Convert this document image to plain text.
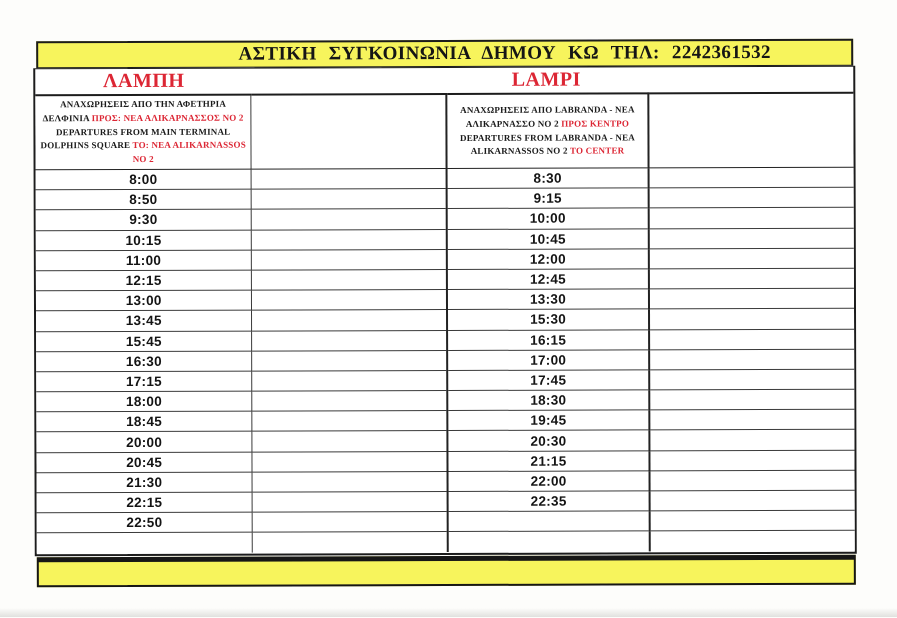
ΑΣΤΙΚΗ ΣΥΓΚΟΙΝΩΝΙΑ ΔΗΜΟΥ ΚΩ ΤΗΛ: 2242361532
ΛΑΜΠΗ	LAMPI
ΑΝΑΧΩΡΗΣΕΙΣ ΑΠΟ ΤΗΝ ΑΦΕΤΗΡΙΑ
ΔΕΛΦΙΝΙΑ ΠΡΟΣ: ΝΕΑ ΑΛΙΚΑΡΝΑΣΣΟΣ ΝΟ 2
DEPARTURES FROM MAIN TERMINAL
DOLPHINS SQUARE TO: NEA ALIKARNASSOS
NO 2		ΑΝΑΧΩΡΗΣΕΙΣ ΑΠΟ LABRANDA - ΝΕΑ
ΑΛΙΚΑΡΝΑΣΣΟ ΝΟ 2 ΠΡΟΣ ΚΕΝΤΡΟ
DEPARTURES FROM LABRANDA - NEA
ALIKARNASSOS NO 2 TO CENTER	

8:00		8:30	
8:50		9:15	
9:30		10:00	
10:15		10:45	
11:00		12:00	
12:15		12:45	
13:00		13:30	
13:45		15:30	
15:45		16:15	
16:30		17:00	
17:15		17:45	
18:00		18:30	
18:45		19:45	
20:00		20:30	
20:45		21:15	
21:30		22:00	
22:15		22:35	
22:50			
